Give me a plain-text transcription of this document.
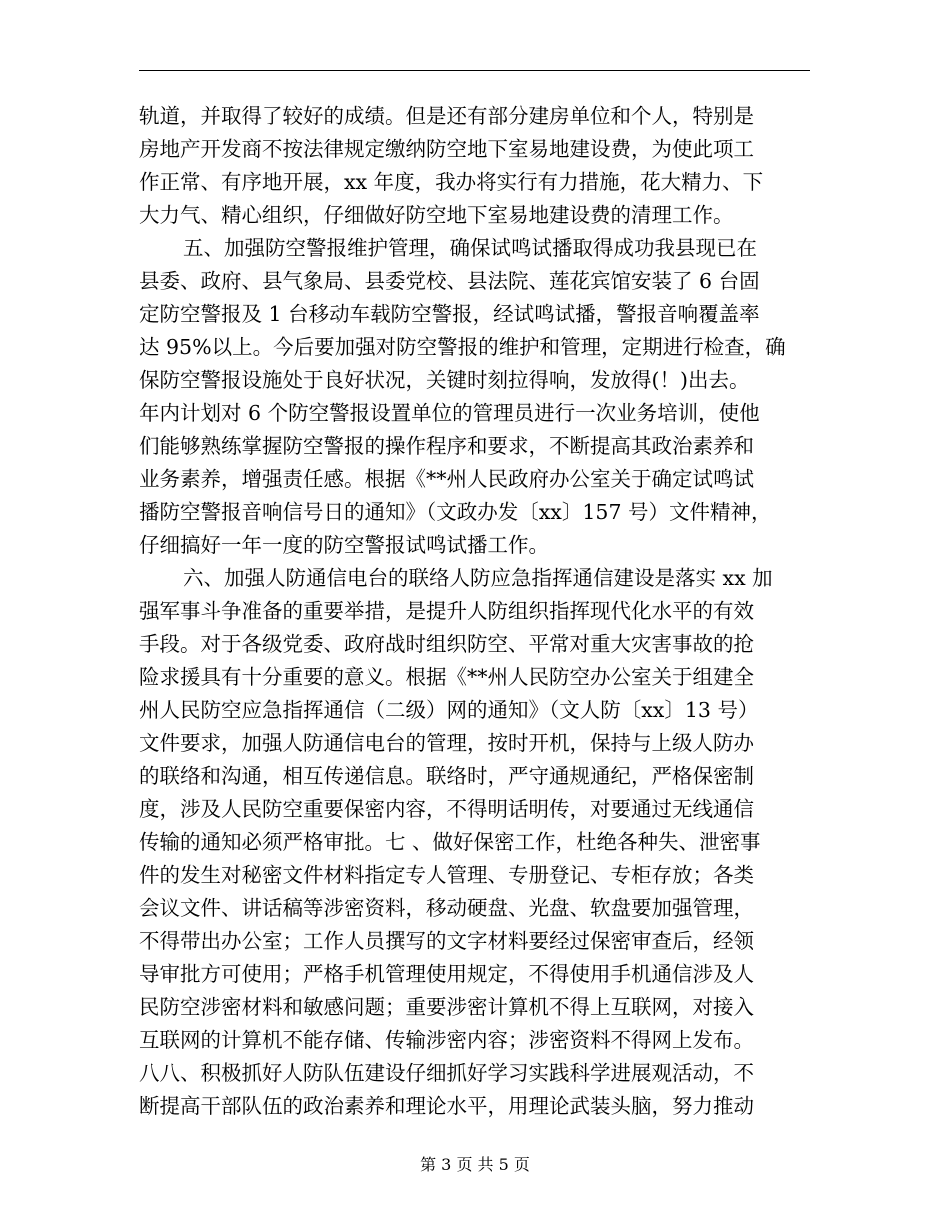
轨道，并取得了较好的成绩。但是还有部分建房单位和个人，特别是
房地产开发商不按法律规定缴纳防空地下室易地建设费，为使此项工
作正常、有序地开展，xx 年度，我办将实行有力措施，花大精力、下
大力气、精心组织，仔细做好防空地下室易地建设费的清理工作。
五、加强防空警报维护管理，确保试鸣试播取得成功我县现已在
县委、政府、县气象局、县委党校、县法院、莲花宾馆安装了 6 台固
定防空警报及 1 台移动车载防空警报，经试鸣试播，警报音响覆盖率
达 95%以上。今后要加强对防空警报的维护和管理，定期进行检查，确
保防空警报设施处于良好状况，关键时刻拉得响，发放得(！)出去。
年内计划对 6 个防空警报设置单位的管理员进行一次业务培训，使他
们能够熟练掌握防空警报的操作程序和要求，不断提高其政治素养和
业务素养，增强责任感。根据《**州人民政府办公室关于确定试鸣试
播防空警报音响信号日的通知》（文政办发〔xx〕157 号）文件精神，
仔细搞好一年一度的防空警报试鸣试播工作。
六、加强人防通信电台的联络人防应急指挥通信建设是落实 xx 加
强军事斗争准备的重要举措，是提升人防组织指挥现代化水平的有效
手段。对于各级党委、政府战时组织防空、平常对重大灾害事故的抢
险求援具有十分重要的意义。根据《**州人民防空办公室关于组建全
州人民防空应急指挥通信（二级）网的通知》（文人防〔xx〕13 号）
文件要求，加强人防通信电台的管理，按时开机，保持与上级人防办
的联络和沟通，相互传递信息。联络时，严守通规通纪，严格保密制
度，涉及人民防空重要保密内容，不得明话明传，对要通过无线通信
传输的通知必须严格审批。七 、做好保密工作，杜绝各种失、泄密事
件的发生对秘密文件材料指定专人管理、专册登记、专柜存放；各类
会议文件、讲话稿等涉密资料，移动硬盘、光盘、软盘要加强管理，
不得带出办公室；工作人员撰写的文字材料要经过保密审查后，经领
导审批方可使用；严格手机管理使用规定，不得使用手机通信涉及人
民防空涉密材料和敏感问题；重要涉密计算机不得上互联网，对接入
互联网的计算机不能存储、传输涉密内容；涉密资料不得网上发布。
八八、积极抓好人防队伍建设仔细抓好学习实践科学进展观活动，不
断提高干部队伍的政治素养和理论水平，用理论武装头脑，努力推动
第 3 页 共 5 页
